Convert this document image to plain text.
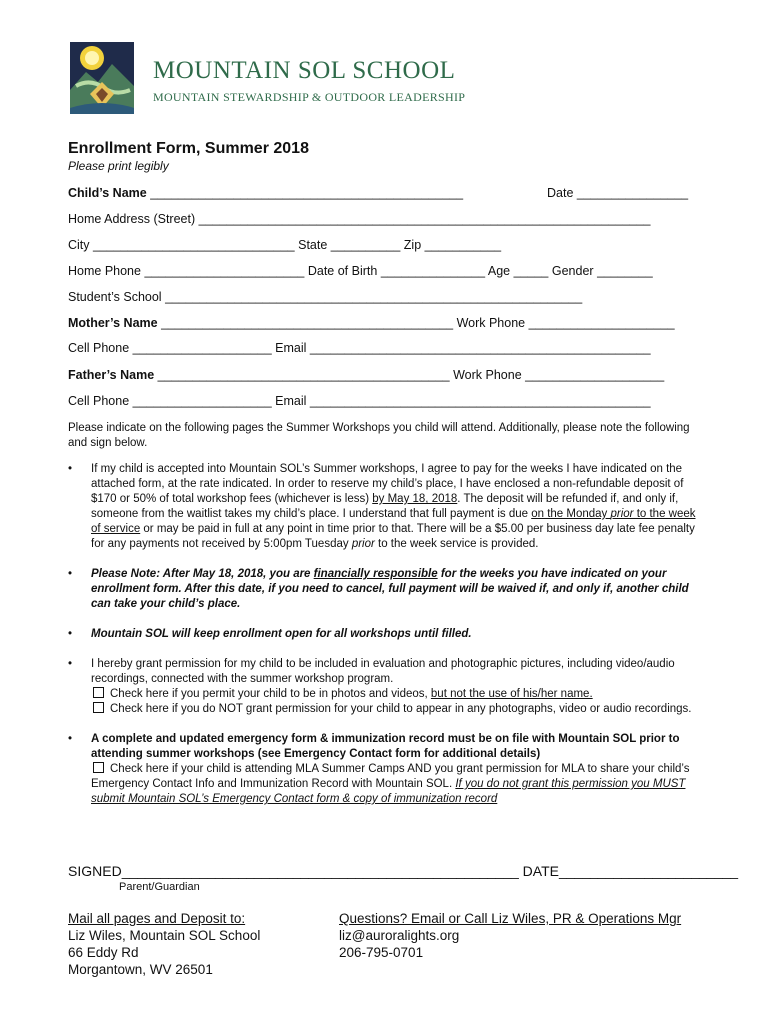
MOUNTAIN SOL SCHOOL
MOUNTAIN STEWARDSHIP & OUTDOOR LEADERSHIP
Enrollment Form, Summer 2018
Please print legibly
Child’s Name _____________________________________________	Date ________________
Home Address (Street) _________________________________________________________________
City _____________________________ State __________ Zip ___________
Home Phone _______________________ Date of Birth _______________ Age _____ Gender ________
Student’s School ____________________________________________________________
Mother’s Name __________________________________________ Work Phone _____________________
Cell Phone ____________________ Email _________________________________________________
Father’s Name __________________________________________ Work Phone ____________________
Cell Phone ____________________ Email _________________________________________________
Please indicate on the following pages the Summer Workshops you child will attend. Additionally, please note the following and sign below.
• If my child is accepted into Mountain SOL’s Summer workshops, I agree to pay for the weeks I have indicated on the attached form, at the rate indicated. In order to reserve my child’s place, I have enclosed a non-refundable deposit of $170 or 50% of total workshop fees (whichever is less) by May 18, 2018. The deposit will be refunded if, and only if, someone from the waitlist takes my child’s place. I understand that full payment is due on the Monday prior to the week of service or may be paid in full at any point in time prior to that. There will be a $5.00 per business day late fee penalty for any payments not received by 5:00pm Tuesday prior to the week service is provided.
• Please Note: After May 18, 2018, you are financially responsible for the weeks you have indicated on your enrollment form. After this date, if you need to cancel, full payment will be waived if, and only if, another child can take your child’s place.
• Mountain SOL will keep enrollment open for all workshops until filled.
• I hereby grant permission for my child to be included in evaluation and photographic pictures, including video/audio recordings, connected with the summer workshop program.
Check here if you permit your child to be in photos and videos, but not the use of his/her name.
Check here if you do NOT grant permission for your child to appear in any photographs, video or audio recordings.
• A complete and updated emergency form & immunization record must be on file with Mountain SOL prior to attending summer workshops (see Emergency Contact form for additional details)
Check here if your child is attending MLA Summer Camps AND you grant permission for MLA to share your child’s Emergency Contact Info and Immunization Record with Mountain SOL. If you do not grant this permission you MUST submit Mountain SOL’s Emergency Contact form & copy of immunization record
SIGNED___________________________________________________ DATE_______________________
Parent/Guardian
Mail all pages and Deposit to:
Liz Wiles, Mountain SOL School
66 Eddy Rd
Morgantown, WV 26501
Questions? Email or Call Liz Wiles, PR & Operations Mgr
liz@auroralights.org
206-795-0701
